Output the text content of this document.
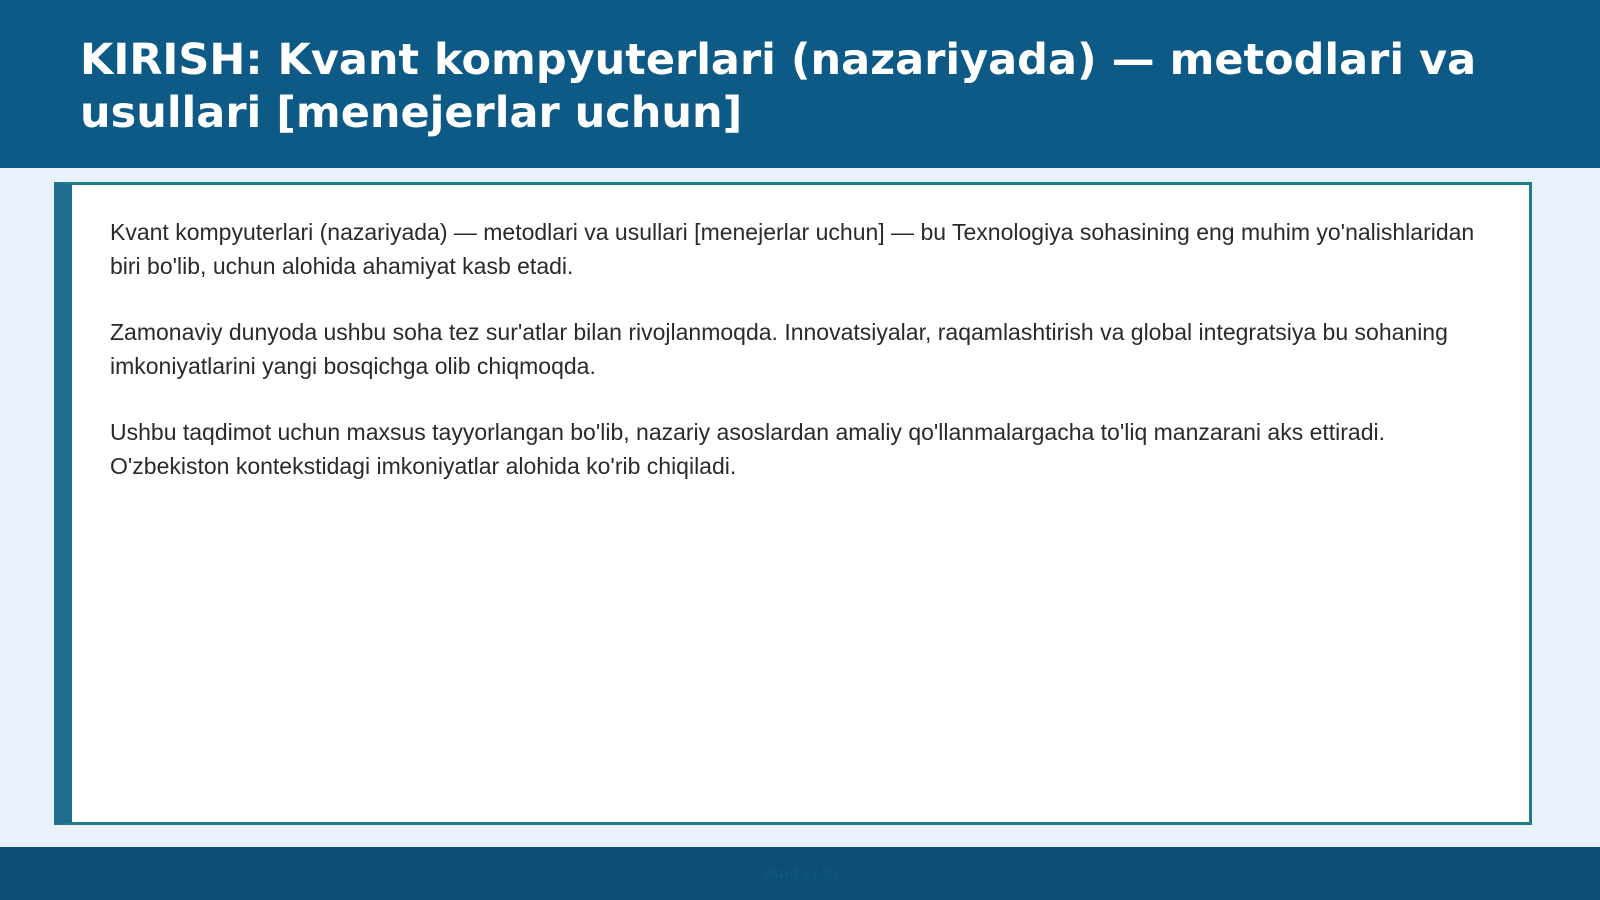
KIRISH: Kvant kompyuterlari (nazariyada) — metodlari va usullari [menejerlar uchun]

Kvant kompyuterlari (nazariyada) — metodlari va usullari [menejerlar uchun] — bu Texnologiya sohasining eng muhim yo'nalishlaridan biri bo'lib, uchun alohida ahamiyat kasb etadi.

Zamonaviy dunyoda ushbu soha tez sur'atlar bilan rivojlanmoqda. Innovatsiyalar, raqamlashtirish va global integratsiya bu sohaning imkoniyatlarini yangi bosqichga olib chiqmoqda.

Ushbu taqdimot uchun maxsus tayyorlangan bo'lib, nazariy asoslardan amaliy qo'llanmalargacha to'liq manzarani aks ettiradi. O'zbekiston kontekstidagi imkoniyatlar alohida ko'rib chiqiladi.

Slayd 2 / 20
